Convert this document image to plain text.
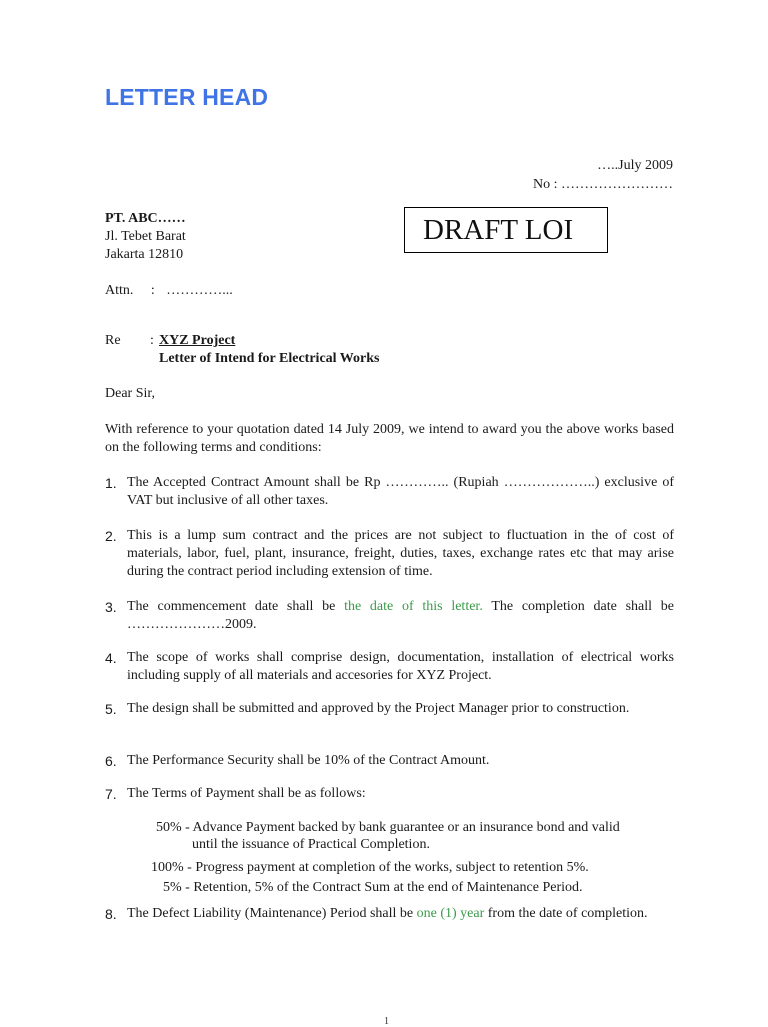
LETTER HEAD
…..July 2009
No : ……………………
PT. ABC……
Jl. Tebet Barat
Jakarta 12810
DRAFT LOI
Attn. : …………...
Re : XYZ Project
Letter of Intend for Electrical Works
Dear Sir,
With reference to your quotation dated 14 July 2009, we intend to award you the above works based on the following terms and conditions:
1. The Accepted Contract Amount shall be Rp ………….. (Rupiah ………………..) exclusive of VAT but inclusive of all other taxes.
2. This is a lump sum contract and the prices are not subject to fluctuation in the of cost of materials, labor, fuel, plant, insurance, freight, duties, taxes, exchange rates etc that may arise during the contract period including extension of time.
3. The commencement date shall be the date of this letter. The completion date shall be …………………2009.
4. The scope of works shall comprise design, documentation, installation of electrical works including supply of all materials and accesories for XYZ Project.
5. The design shall be submitted and approved by the Project Manager prior to construction.
6. The Performance Security shall be 10% of the Contract Amount.
7. The Terms of Payment shall be as follows:
50% - Advance Payment backed by bank guarantee or an insurance bond and valid
until the issuance of Practical Completion.
100% - Progress payment at completion of the works, subject to retention 5%.
5% - Retention, 5% of the Contract Sum at the end of Maintenance Period.
8. The Defect Liability (Maintenance) Period shall be one (1) year from the date of completion.
1
